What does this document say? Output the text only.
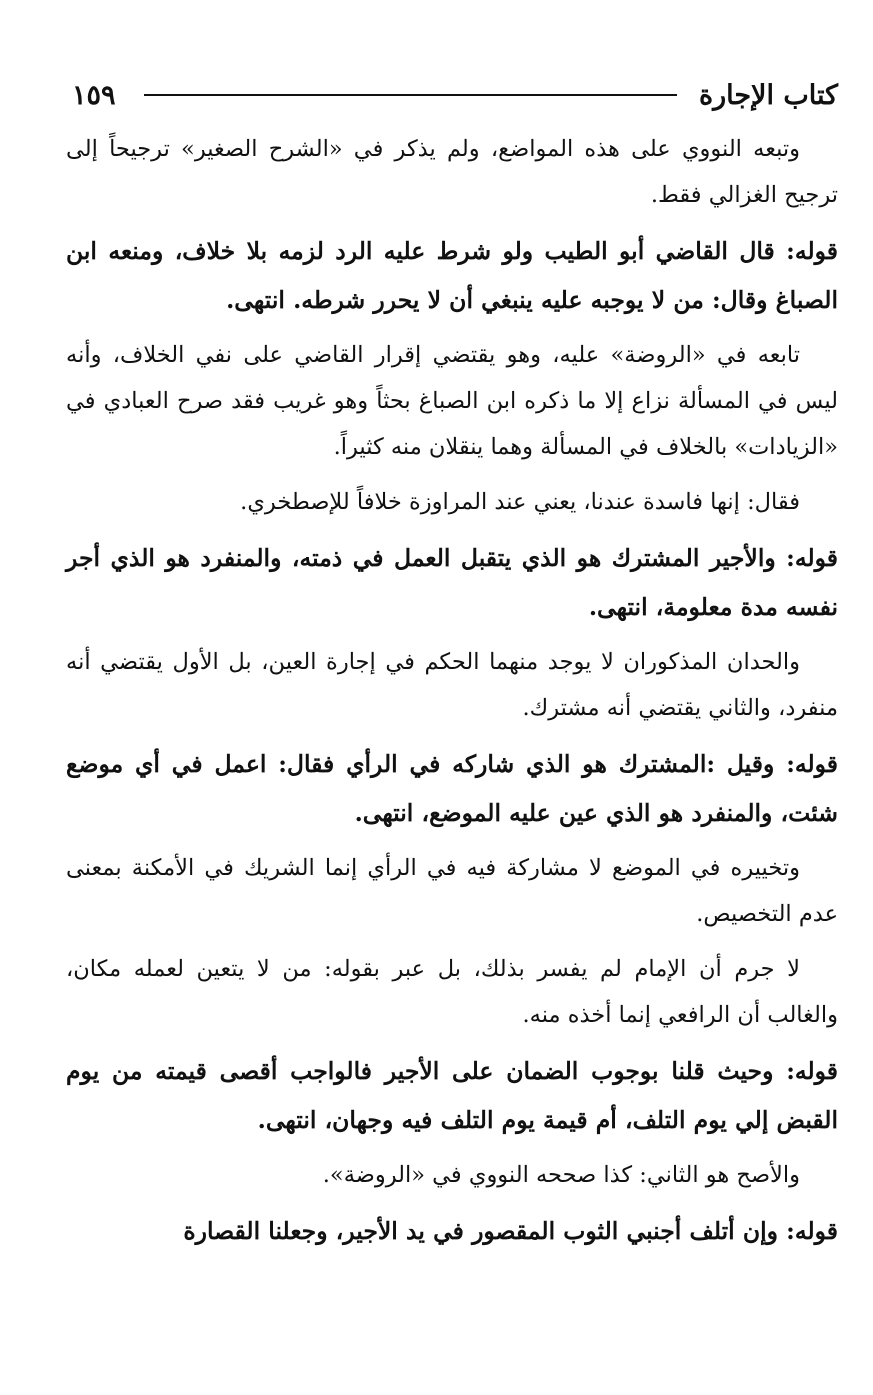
كتاب الإجارة
١٥٩

وتبعه النووي على هذه المواضع، ولم يذكر في «الشرح الصغير» ترجيحاً إلى ترجيح الغزالي فقط.

قوله: قال القاضي أبو الطيب ولو شرط عليه الرد لزمه بلا خلاف، ومنعه ابن الصباغ وقال: من لا يوجبه عليه ينبغي أن لا يحرر شرطه. انتهى.

تابعه في «الروضة» عليه، وهو يقتضي إقرار القاضي على نفي الخلاف، وأنه ليس في المسألة نزاع إلا ما ذكره ابن الصباغ بحثاً وهو غريب فقد صرح العبادي في «الزيادات» بالخلاف في المسألة وهما ينقلان منه كثيراً.

فقال: إنها فاسدة عندنا، يعني عند المراوزة خلافاً للإصطخري.

قوله: والأجير المشترك هو الذي يتقبل العمل في ذمته، والمنفرد هو الذي أجر نفسه مدة معلومة، انتهى.

والحدان المذكوران لا يوجد منهما الحكم في إجارة العين، بل الأول يقتضي أنه منفرد، والثاني يقتضي أنه مشترك.

قوله: وقيل :المشترك هو الذي شاركه في الرأي فقال: اعمل في أي موضع شئت، والمنفرد هو الذي عين عليه الموضع، انتهى.

وتخييره في الموضع لا مشاركة فيه في الرأي إنما الشريك في الأمكنة بمعنى عدم التخصيص.

لا جرم أن الإمام لم يفسر بذلك، بل عبر بقوله: من لا يتعين لعمله مكان، والغالب أن الرافعي إنما أخذه منه.

قوله: وحيث قلنا بوجوب الضمان على الأجير فالواجب أقصى قيمته من يوم القبض إلي يوم التلف، أم قيمة يوم التلف فيه وجهان، انتهى.

والأصح هو الثاني: كذا صححه النووي في «الروضة».

قوله: وإن أتلف أجنبي الثوب المقصور في يد الأجير، وجعلنا القصارة
